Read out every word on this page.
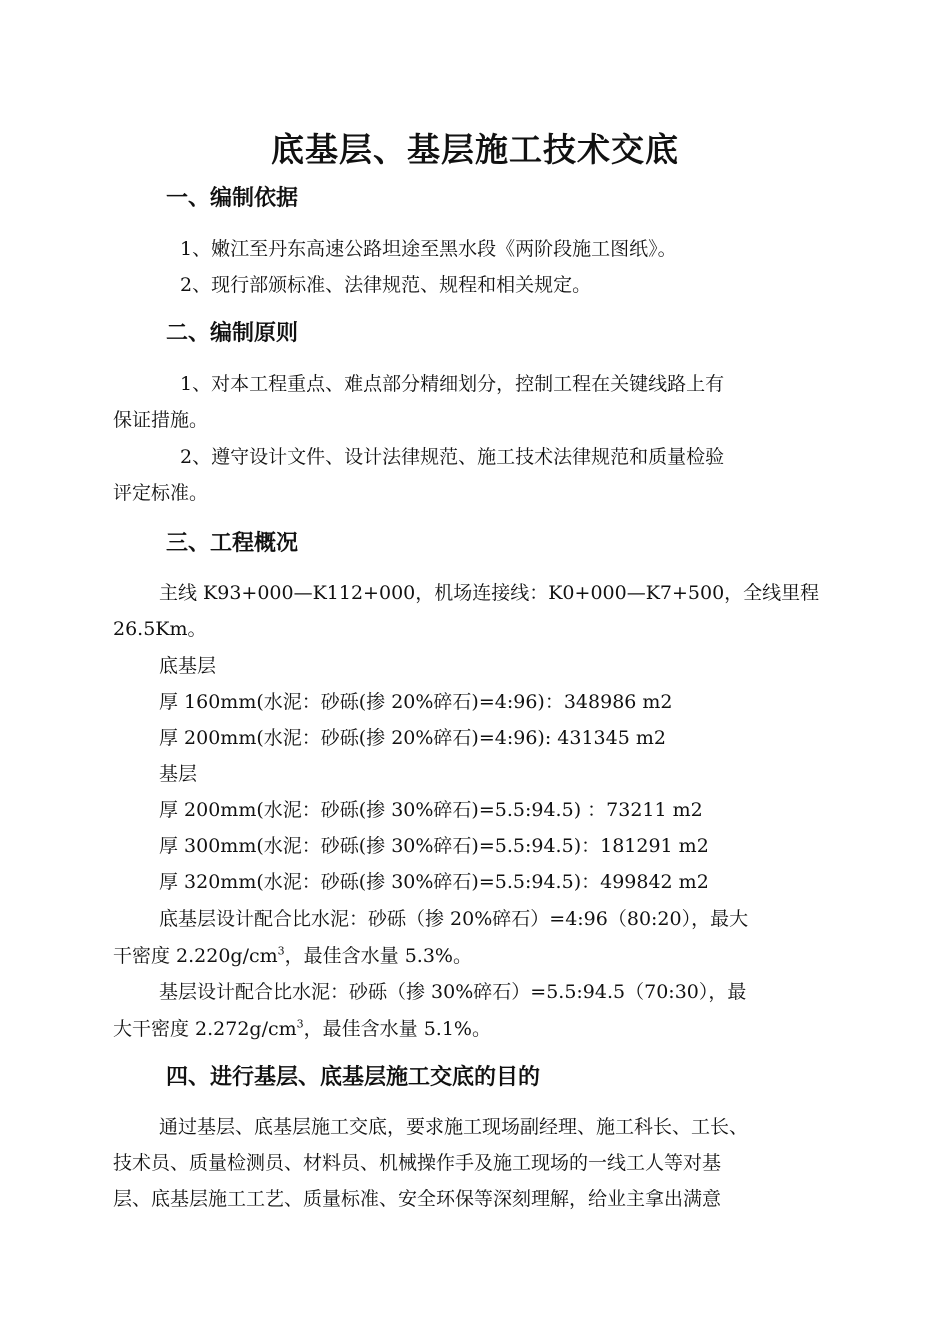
底基层、基层施工技术交底
一、编制依据
1、嫩江至丹东高速公路坦途至黑水段《两阶段施工图纸》。
2、现行部颁标准、法律规范、规程和相关规定。
二、编制原则
1、对本工程重点、难点部分精细划分，控制工程在关键线路上有
保证措施。
2、遵守设计文件、设计法律规范、施工技术法律规范和质量检验
评定标准。
三、工程概况
主线 K93+000—K112+000，机场连接线：K0+000—K7+500，全线里程
26.5Km。
底基层
厚 160mm(水泥：砂砾(掺 20%碎石)=4:96)：348986 m2
厚 200mm(水泥：砂砾(掺 20%碎石)=4:96): 431345 m2
基层
厚 200mm(水泥：砂砾(掺 30%碎石)=5.5:94.5) ：73211 m2
厚 300mm(水泥：砂砾(掺 30%碎石)=5.5:94.5)：181291 m2
厚 320mm(水泥：砂砾(掺 30%碎石)=5.5:94.5)：499842 m2
底基层设计配合比水泥：砂砾（掺 20%碎石）=4:96（80:20），最大
干密度 $2.220g/cm^3$，最佳含水量 5.3%。
基层设计配合比水泥：砂砾（掺 30%碎石）=5.5:94.5（70:30），最
大干密度 $2.272g/cm^3$，最佳含水量 5.1%。
四、进行基层、底基层施工交底的目的
通过基层、底基层施工交底，要求施工现场副经理、施工科长、工长、
技术员、质量检测员、材料员、机械操作手及施工现场的一线工人等对基
层、底基层施工工艺、质量标准、安全环保等深刻理解，给业主拿出满意
